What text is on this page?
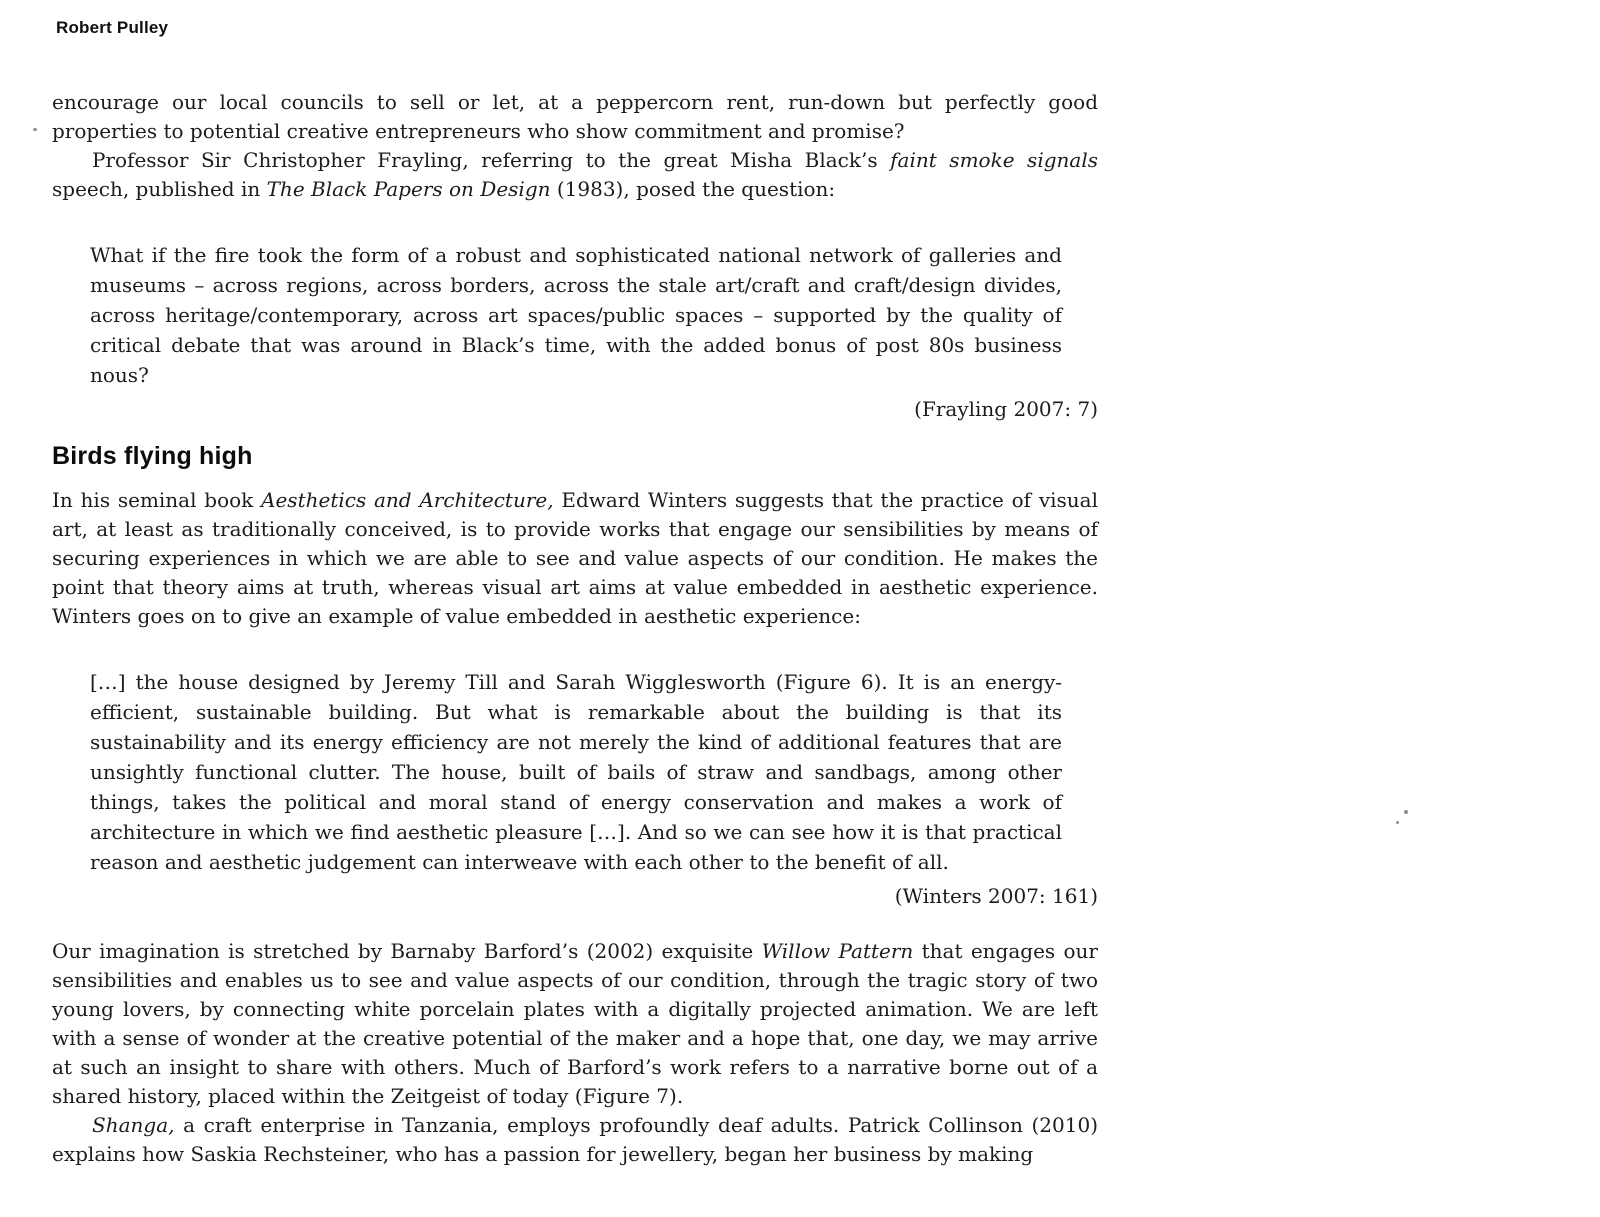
Robert Pulley

encourage our local councils to sell or let, at a peppercorn rent, run-down but perfectly good properties to potential creative entrepreneurs who show commitment and promise?

Professor Sir Christopher Frayling, referring to the great Misha Black’s faint smoke signals speech, published in The Black Papers on Design (1983), posed the question:

What if the fire took the form of a robust and sophisticated national network of galleries and museums – across regions, across borders, across the stale art/craft and craft/design divides, across heritage/contemporary, across art spaces/public spaces – supported by the quality of critical debate that was around in Black’s time, with the added bonus of post 80s business nous?

(Frayling 2007: 7)

Birds flying high

In his seminal book Aesthetics and Architecture, Edward Winters suggests that the practice of visual art, at least as traditionally conceived, is to provide works that engage our sensibilities by means of securing experiences in which we are able to see and value aspects of our condition. He makes the point that theory aims at truth, whereas visual art aims at value embedded in aesthetic experience. Winters goes on to give an example of value embedded in aesthetic experience:

[…] the house designed by Jeremy Till and Sarah Wigglesworth (Figure 6). It is an energy-efficient, sustainable building. But what is remarkable about the building is that its sustainability and its energy efficiency are not merely the kind of additional features that are unsightly functional clutter. The house, built of bails of straw and sandbags, among other things, takes the political and moral stand of energy conservation and makes a work of architecture in which we find aesthetic pleasure […]. And so we can see how it is that practical reason and aesthetic judgement can interweave with each other to the benefit of all.

(Winters 2007: 161)

Our imagination is stretched by Barnaby Barford’s (2002) exquisite Willow Pattern that engages our sensibilities and enables us to see and value aspects of our condition, through the tragic story of two young lovers, by connecting white porcelain plates with a digitally projected animation. We are left with a sense of wonder at the creative potential of the maker and a hope that, one day, we may arrive at such an insight to share with others. Much of Barford’s work refers to a narrative borne out of a shared history, placed within the Zeitgeist of today (Figure 7).

Shanga, a craft enterprise in Tanzania, employs profoundly deaf adults. Patrick Collinson (2010) explains how Saskia Rechsteiner, who has a passion for jewellery, began her business by making
